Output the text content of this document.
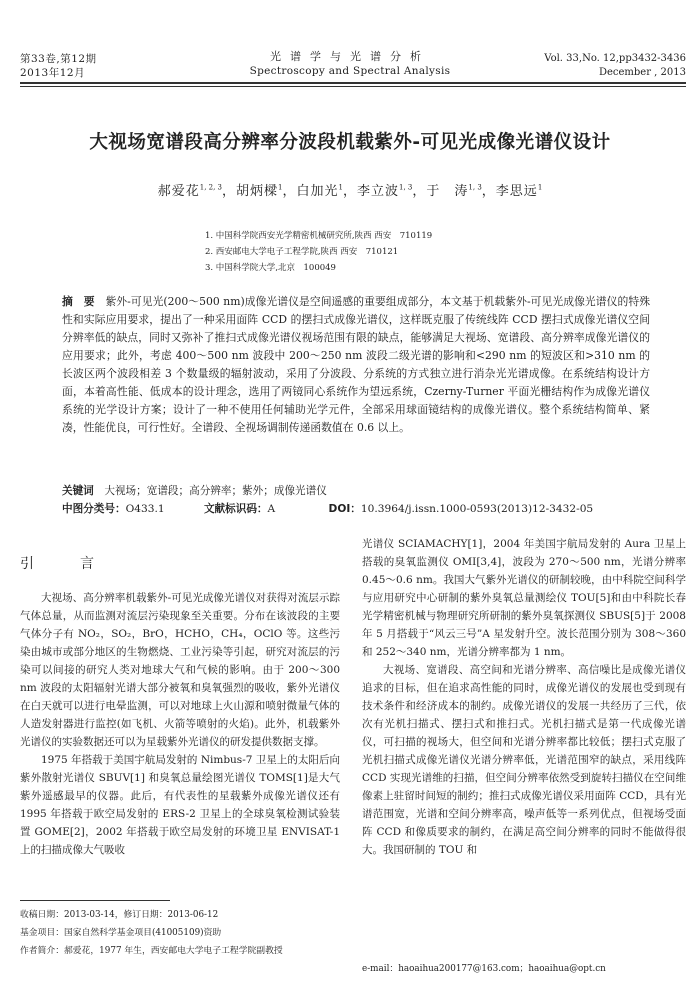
第33卷,第12期
2013年12月
光谱学与光谱分析
Spectroscopy and Spectral Analysis
Vol. 33,No. 12,pp3432-3436
December , 2013
大视场宽谱段高分辨率分波段机载紫外-可见光成像光谱仪设计
郝爱花$^{1, 2, 3}$，胡炳樑$^1$，白加光$^1$，李立波$^{1, 3}$，于　涛$^{1, 3}$，李思远$^1$
1. 中国科学院西安光学精密机械研究所,陕西 西安　710119
2. 西安邮电大学电子工程学院,陕西 西安　710121
3. 中国科学院大学,北京　100049
摘　要　 紫外-可见光(200～500 nm)成像光谱仪是空间遥感的重要组成部分，本文基于机载紫外-可见光成像光谱仪的特殊性和实际应用要求，提出了一种采用面阵 CCD 的摆扫式成像光谱仪，这样既克服了传统线阵 CCD 摆扫式成像光谱仪空间分辨率低的缺点，同时又弥补了推扫式成像光谱仪视场范围有限的缺点，能够满足大视场、宽谱段、高分辨率成像光谱仪的应用要求；此外，考虑 400～500 nm 波段中 200～250 nm 波段二级光谱的影响和<290 nm 的短波区和>310 nm 的长波区两个波段相差 3 个数量级的辐射波动，采用了分波段、分系统的方式独立进行消杂光光谱成像。在系统结构设计方面，本着高性能、低成本的设计理念，选用了两镜同心系统作为望远系统，Czerny-Turner 平面光栅结构作为成像光谱仪系统的光学设计方案；设计了一种不使用任何辅助光学元件，全部采用球面镜结构的成像光谱仪。整个系统结构简单、紧凑，性能优良，可行性好。全谱段、全视场调制传递函数值在 0.6 以上。
关键词　 大视场；宽谱段；高分辨率；紫外；成像光谱仪
中图分类号：O433.1	文献标识码：A	DOI：10.3964/j.issn.1000-0593(2013)12-3432-05
引　言

大视场、高分辨率机载紫外-可见光成像光谱仪对获得对流层示踪气体总量，从而监测对流层污染现象至关重要。分布在该波段的主要气体分子有 NO₂，SO₂，BrO，HCHO，CH₄，OClO 等。这些污染由城市或部分地区的生物燃烧、工业污染等引起，研究对流层的污染可以间接的研究人类对地球大气和气候的影响。由于 200～300 nm 波段的太阳辐射光谱大部分被氧和臭氧强烈的吸收，紫外光谱仪在白天就可以进行电晕监测，可以对地球上火山源和喷射微量气体的人造发射器进行监控(如飞机、火箭等喷射的火焰)。此外，机载紫外光谱仪的实验数据还可以为星载紫外光谱仪的研发提供数据支撑。

1975 年搭载于美国宇航局发射的 Nimbus-7 卫星上的太阳后向紫外散射光谱仪 SBUV[1] 和臭氧总量绘图光谱仪 TOMS[1]是大气紫外遥感最早的仪器。此后，有代表性的星载紫外成像光谱仪还有 1995 年搭载于欧空局发射的 ERS-2 卫星上的全球臭氧检测试验装置 GOME[2]，2002 年搭载于欧空局发射的环境卫星 ENVISAT-1 上的扫描成像大气吸收

光谱仪 SCIAMACHY[1]，2004 年美国宇航局发射的 Aura 卫星上搭载的臭氧监测仪 OMI[3,4]，波段为 270～500 nm，光谱分辨率 0.45～0.6 nm。我国大气紫外光谱仪的研制较晚，由中科院空间科学与应用研究中心研制的紫外臭氧总量测绘仪 TOU[5]和由中科院长春光学精密机械与物理研究所研制的紫外臭氧探测仪 SBUS[5]于 2008 年 5 月搭载于“风云三号”A 星发射升空。波长范围分别为 308～360 和 252～340 nm，光谱分辨率都为 1 nm。

大视场、宽谱段、高空间和光谱分辨率、高信噪比是成像光谱仪追求的目标，但在追求高性能的同时，成像光谱仪的发展也受到现有技术条件和经济成本的制约。成像光谱仪的发展一共经历了三代，依次有光机扫描式、摆扫式和推扫式。光机扫描式是第一代成像光谱仪，可扫描的视场大，但空间和光谱分辨率都比较低；摆扫式克服了光机扫描式成像光谱仪光谱分辨率低，光谱范围窄的缺点，采用线阵 CCD 实现光谱维的扫描，但空间分辨率依然受到旋转扫描仪在空间维像素上驻留时间短的制约；推扫式成像光谱仪采用面阵 CCD，具有光谱范围宽，光谱和空间分辨率高，噪声低等一系列优点，但视场受面阵 CCD 和像质要求的制约，在满足高空间分辨率的同时不能做得很大。我国研制的 TOU 和

收稿日期：2013-03-14，修订日期：2013-06-12
基金项目：国家自然科学基金项目(41005109)资助
作者简介：郝爱花，1977 年生，西安邮电大学电子工程学院副教授
e-mail：haoaihua200177@163.com；haoaihua@opt.cn
